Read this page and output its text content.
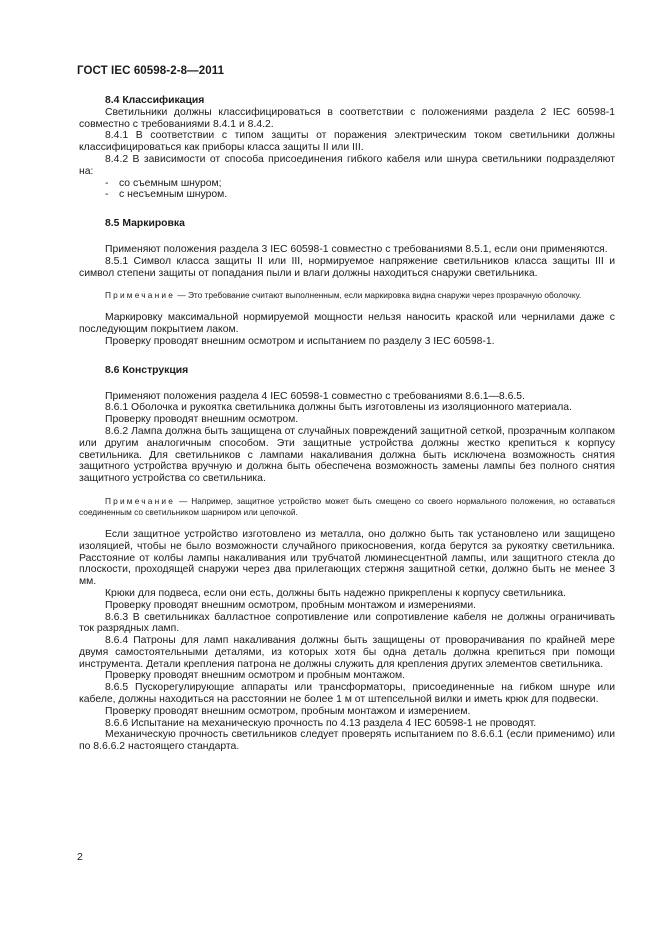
ГОСТ IEC 60598-2-8—2011

8.4 Классификация

Светильники должны классифицироваться в соответствии с положениями раздела 2 IEC 60598-1 совместно с требованиями 8.4.1 и 8.4.2.

8.4.1 В соответствии с типом защиты от поражения электрическим током светильники должны классифицироваться как приборы класса защиты II или III.

8.4.2 В зависимости от способа присоединения гибкого кабеля или шнура светильники подразделяют на:

- со съемным шнуром;

- с несъемным шнуром.

8.5 Маркировка

Применяют положения раздела 3 IEC 60598-1 совместно с требованиями 8.5.1, если они применяются.

8.5.1 Символ класса защиты II или III, нормируемое напряжение светильников класса защиты III и символ степени защиты от попадания пыли и влаги должны находиться снаружи светильника.

Примечание — Это требование считают выполненным, если маркировка видна снаружи через прозрачную оболочку.

Маркировку максимальной нормируемой мощности нельзя наносить краской или чернилами даже с последующим покрытием лаком.

Проверку проводят внешним осмотром и испытанием по разделу 3 IEC 60598-1.

8.6 Конструкция

Применяют положения раздела 4 IEC 60598-1 совместно с требованиями 8.6.1—8.6.5.

8.6.1 Оболочка и рукоятка светильника должны быть изготовлены из изоляционного материала.

Проверку проводят внешним осмотром.

8.6.2 Лампа должна быть защищена от случайных повреждений защитной сеткой, прозрачным колпаком или другим аналогичным способом. Эти защитные устройства должны жестко крепиться к корпусу светильника. Для светильников с лампами накаливания должна быть исключена возможность снятия защитного устройства вручную и должна быть обеспечена возможность замены лампы без полного снятия защитного устройства со светильника.

Примечание — Например, защитное устройство может быть смещено со своего нормального положения, но оставаться соединенным со светильником шарниром или цепочкой.

Если защитное устройство изготовлено из металла, оно должно быть так установлено или защищено изоляцией, чтобы не было возможности случайного прикосновения, когда берутся за рукоятку светильника. Расстояние от колбы лампы накаливания или трубчатой люминесцентной лампы, или защитного стекла до плоскости, проходящей снаружи через два прилегающих стержня защитной сетки, должно быть не менее 3 мм.

Крюки для подвеса, если они есть, должны быть надежно прикреплены к корпусу светильника.

Проверку проводят внешним осмотром, пробным монтажом и измерениями.

8.6.3 В светильниках балластное сопротивление или сопротивление кабеля не должны ограничивать ток разрядных ламп.

8.6.4 Патроны для ламп накаливания должны быть защищены от проворачивания по крайней мере двумя самостоятельными деталями, из которых хотя бы одна деталь должна крепиться при помощи инструмента. Детали крепления патрона не должны служить для крепления других элементов светильника.

Проверку проводят внешним осмотром и пробным монтажом.

8.6.5 Пускорегулирующие аппараты или трансформаторы, присоединенные на гибком шнуре или кабеле, должны находиться на расстоянии не более 1 м от штепсельной вилки и иметь крюк для подвески.

Проверку проводят внешним осмотром, пробным монтажом и измерением.

8.6.6 Испытание на механическую прочность по 4.13 раздела 4 IEC 60598-1 не проводят.

Механическую прочность светильников следует проверять испытанием по 8.6.6.1 (если применимо) или по 8.6.6.2 настоящего стандарта.

2
